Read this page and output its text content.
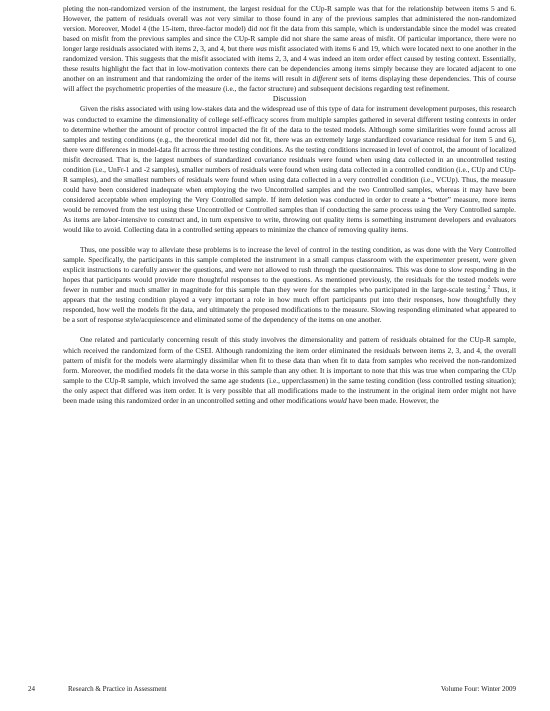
pleting the non-randomized version of the instrument, the largest residual for the CUp-R sample was that for the relationship between items 5 and 6. However, the pattern of residuals overall was not very similar to those found in any of the previous samples that administered the non-randomized version. Moreover, Model 4 (the 15-item, three-factor model) did not fit the data from this sample, which is understandable since the model was created based on misfit from the previous samples and since the CUp-R sample did not share the same areas of misfit. Of particular importance, there were no longer large residuals associated with items 2, 3, and 4, but there was misfit associated with items 6 and 19, which were located next to one another in the randomized version. This suggests that the misfit associated with items 2, 3, and 4 was indeed an item order effect caused by testing context. Essentially, these results highlight the fact that in low-motivation contexts there can be dependencies among items simply because they are located adjacent to one another on an instrument and that randomizing the order of the items will result in different sets of items displaying these dependencies. This of course will affect the psychometric properties of the measure (i.e., the factor structure) and subsequent decisions regarding test refinement.

Discussion

Given the risks associated with using low-stakes data and the widespread use of this type of data for instrument development purposes, this research was conducted to examine the dimensionality of college self-efficacy scores from multiple samples gathered in several different testing contexts in order to determine whether the amount of proctor control impacted the fit of the data to the tested models. Although some similarities were found across all samples and testing conditions (e.g., the theoretical model did not fit, there was an extremely large standardized covariance residual for item 5 and 6), there were differences in model-data fit across the three testing conditions. As the testing conditions increased in level of control, the amount of localized misfit decreased. That is, the largest numbers of standardized covariance residuals were found when using data collected in an uncontrolled testing condition (i.e., UnFr-1 and -2 samples), smaller numbers of residuals were found when using data collected in a controlled condition (i.e., CUp and CUp-R samples), and the smallest numbers of residuals were found when using data collected in a very controlled condition (i.e., VCUp). Thus, the measure could have been considered inadequate when employing the two Uncontrolled samples and the two Controlled samples, whereas it may have been considered acceptable when employing the Very Controlled sample. If item deletion was conducted in order to create a “better” measure, more items would be removed from the test using these Uncontrolled or Controlled samples than if conducting the same process using the Very Controlled sample. As items are labor-intensive to construct and, in turn expensive to write, throwing out quality items is something instrument developers and evaluators would like to avoid. Collecting data in a controlled setting appears to minimize the chance of removing quality items.

Thus, one possible way to alleviate these problems is to increase the level of control in the testing condition, as was done with the Very Controlled sample. Specifically, the participants in this sample completed the instrument in a small campus classroom with the experimenter present, were given explicit instructions to carefully answer the questions, and were not allowed to rush through the questionnaires. This was done to slow responding in the hopes that participants would provide more thoughtful responses to the questions. As mentioned previously, the residuals for the tested models were fewer in number and much smaller in magnitude for this sample than they were for the samples who participated in the large-scale testing.$^2$ Thus, it appears that the testing condition played a very important a role in how much effort participants put into their responses, how thoughtfully they responded, how well the models fit the data, and ultimately the proposed modifications to the measure. Slowing responding eliminated what appeared to be a sort of response style/acquiescence and eliminated some of the dependency of the items on one another.

One related and particularly concerning result of this study involves the dimensionality and pattern of residuals obtained for the CUp-R sample, which received the randomized form of the CSEI. Although randomizing the item order eliminated the residuals between items 2, 3, and 4, the overall pattern of misfit for the models were alarmingly dissimilar when fit to these data than when fit to data from samples who received the non-randomized form. Moreover, the modified models fit the data worse in this sample than any other. It is important to note that this was true when comparing the CUp sample to the CUp-R sample, which involved the same age students (i.e., upperclassmen) in the same testing condition (less controlled testing situation); the only aspect that differed was item order. It is very possible that all modifications made to the instrument in the original item order might not have been made using this randomized order in an uncontrolled setting and other modifications would have been made. However, the

24	Research & Practice in Assessment	Volume Four: Winter 2009
